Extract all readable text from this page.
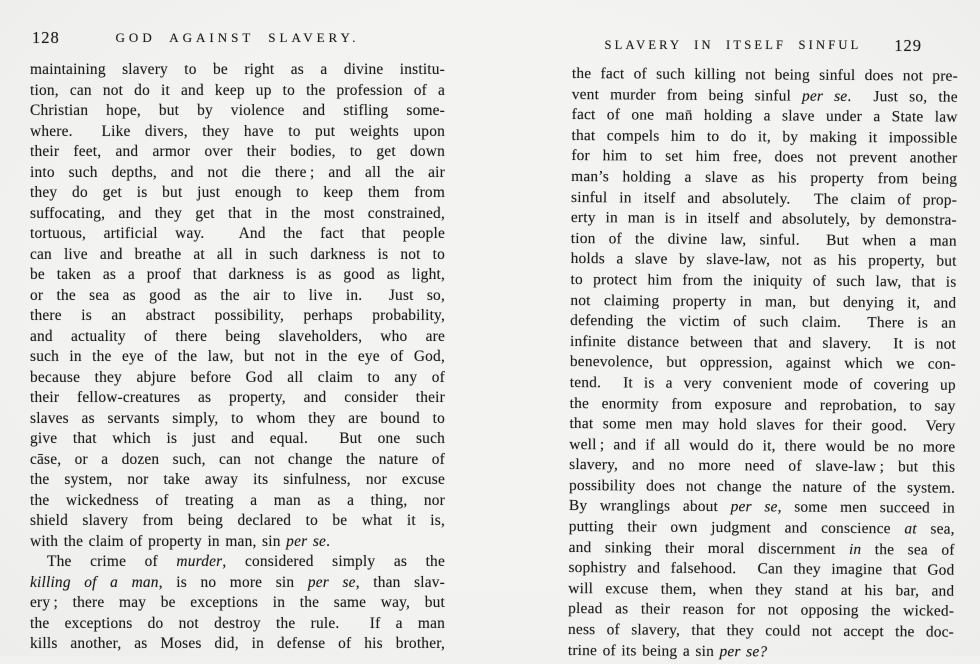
128	GOD AGAINST SLAVERY.
maintaining slavery to be right as a divine institu-
tion, can not do it and keep up to the profession of a
Christian hope, but by violence and stifling some-
where.  Like divers, they have to put weights upon
their feet, and armor over their bodies, to get down
into such depths, and not die there ; and all the air
they do get is but just enough to keep them from
suffocating, and they get that in the most constrained,
tortuous, artificial way.  And the fact that people
can live and breathe at all in such darkness is not to
be taken as a proof that darkness is as good as light,
or the sea as good as the air to live in.  Just so,
there is an abstract possibility, perhaps probability,
and actuality of there being slaveholders, who are
such in the eye of the law, but not in the eye of God,
because they abjure before God all claim to any of
their fellow-creatures as property, and consider their
slaves as servants simply, to whom they are bound to
give that which is just and equal.  But one such
cāse, or a dozen such, can not change the nature of
the system, nor take away its sinfulness, nor excuse
the wickedness of treating a man as a thing, nor
shield slavery from being declared to be what it is,
with the claim of property in man, sin per se.
The crime of murder, considered simply as the
killing of a man, is no more sin per se, than slav-
ery ; there may be exceptions in the same way, but
the exceptions do not destroy the rule.  If a man
kills another, as Moses did, in defense of his brother,
SLAVERY IN ITSELF SINFUL 129
the fact of such killing not being sinful does not pre-
vent murder from being sinful per se.  Just so, the
fact of one man̄ holding a slave under a State law
that compels him to do it, by making it impossible
for him to set him free, does not prevent another
man’s holding a slave as his property from being
sinful in itself and absolutely.  The claim of prop-
erty in man is in itself and absolutely, by demonstra-
tion of the divine law, sinful.  But when a man
holds a slave by slave-law, not as his property, but
to protect him from the iniquity of such law, that is
not claiming property in man, but denying it, and
defending the victim of such claim.  There is an
infinite distance between that and slavery.  It is not
benevolence, but oppression, against which we con-
tend.  It is a very convenient mode of covering up
the enormity from exposure and reprobation, to say
that some men may hold slaves for their good.  Very
well ; and if all would do it, there would be no more
slavery, and no more need of slave-law ; but this
possibility does not change the nature of the system.
By wranglings about per se, some men succeed in
putting their own judgment and conscience at sea,
and sinking their moral discernment in the sea of
sophistry and falsehood.  Can they imagine that God
will excuse them, when they stand at his bar, and
plead as their reason for not opposing the wicked-
ness of slavery, that they could not accept the doc-
trine of its being a sin per se?
